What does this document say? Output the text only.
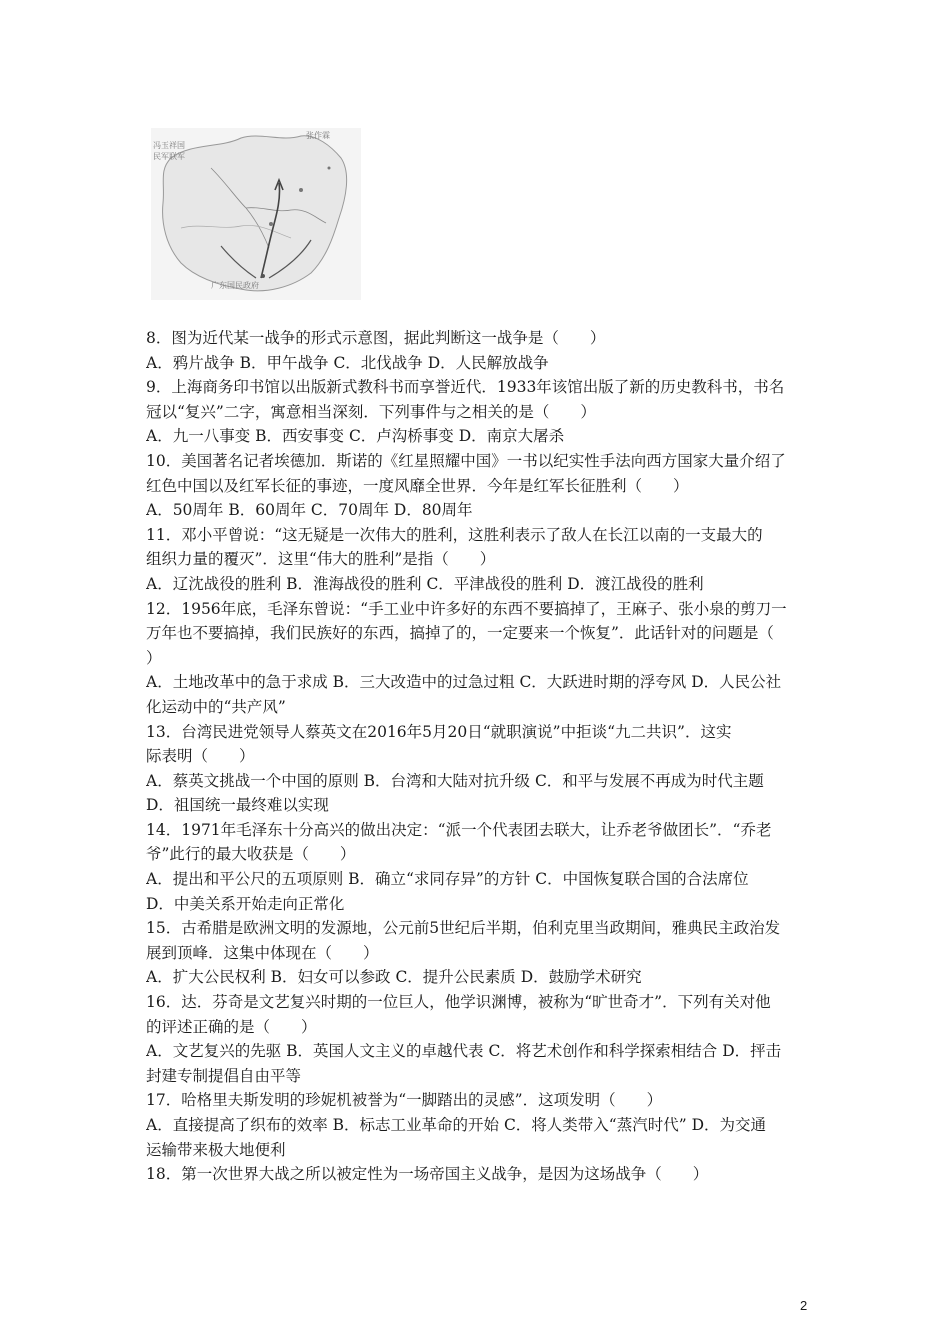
冯玉祥国
民军联军
张作霖
广东国民政府
8．图为近代某一战争的形式示意图，据此判断这一战争是（　　）
A．鸦片战争 B．甲午战争 C．北伐战争 D．人民解放战争
9．上海商务印书馆以出版新式教科书而享誉近代．1933年该馆出版了新的历史教科书，书名
冠以“复兴”二字，寓意相当深刻．下列事件与之相关的是（　　）
A．九一八事变 B．西安事变 C．卢沟桥事变 D．南京大屠杀
10．美国著名记者埃德加．斯诺的《红星照耀中国》一书以纪实性手法向西方国家大量介绍了
红色中国以及红军长征的事迹，一度风靡全世界．今年是红军长征胜利（　　）
A．50周年 B．60周年 C．70周年 D．80周年
11．邓小平曾说：“这无疑是一次伟大的胜利，这胜利表示了敌人在长江以南的一支最大的
组织力量的覆灭”．这里“伟大的胜利”是指（　　）
A．辽沈战役的胜利 B．淮海战役的胜利 C．平津战役的胜利 D．渡江战役的胜利
12．1956年底，毛泽东曾说：“手工业中许多好的东西不要搞掉了，王麻子、张小泉的剪刀一
万年也不要搞掉，我们民族好的东西，搞掉了的，一定要来一个恢复”．此话针对的问题是（
）
A．土地改革中的急于求成 B．三大改造中的过急过粗 C．大跃进时期的浮夸风 D．人民公社
化运动中的“共产风”
13．台湾民进党领导人蔡英文在2016年5月20日“就职演说”中拒谈“九二共识”．这实
际表明（　　）
A．蔡英文挑战一个中国的原则 B．台湾和大陆对抗升级 C．和平与发展不再成为时代主题
D．祖国统一最终难以实现
14．1971年毛泽东十分高兴的做出决定：“派一个代表团去联大，让乔老爷做团长”．“乔老
爷”此行的最大收获是（　　）
A．提出和平公尺的五项原则 B．确立“求同存异”的方针 C．中国恢复联合国的合法席位
D．中美关系开始走向正常化
15．古希腊是欧洲文明的发源地，公元前5世纪后半期，伯利克里当政期间，雅典民主政治发
展到顶峰．这集中体现在（　　）
A．扩大公民权利 B．妇女可以参政 C．提升公民素质 D．鼓励学术研究
16．达．芬奇是文艺复兴时期的一位巨人，他学识渊博，被称为“旷世奇才”．下列有关对他
的评述正确的是（　　）
A．文艺复兴的先驱 B．英国人文主义的卓越代表 C．将艺术创作和科学探索相结合 D．抨击
封建专制提倡自由平等
17．哈格里夫斯发明的珍妮机被誉为“一脚踏出的灵感”．这项发明（　　）
A．直接提高了织布的效率 B．标志工业革命的开始 C．将人类带入“蒸汽时代” D．为交通
运输带来极大地便利
18．第一次世界大战之所以被定性为一场帝国主义战争，是因为这场战争（　　）
2
